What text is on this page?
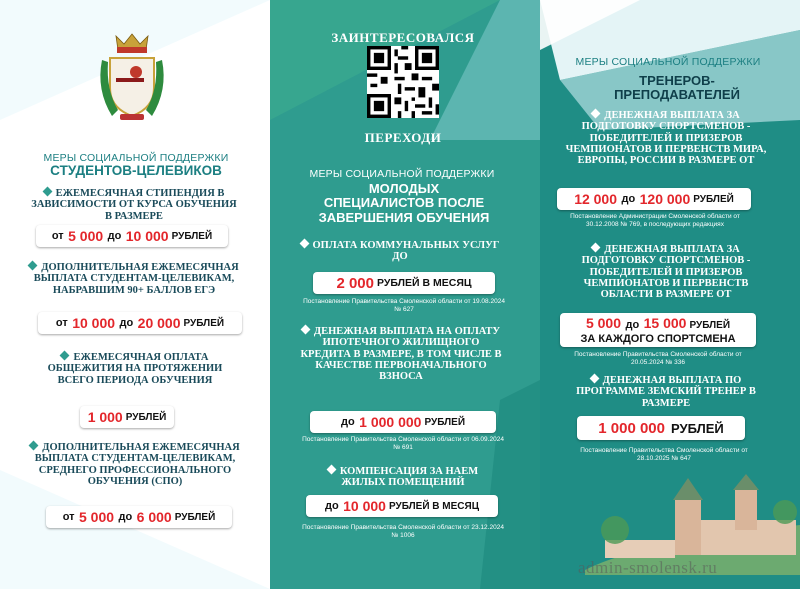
МЕРЫ СОЦИАЛЬНОЙ ПОДДЕРЖКИ
СТУДЕНТОВ-ЦЕЛЕВИКОВ
ЕЖЕМЕСЯЧНАЯ СТИПЕНДИЯ В ЗАВИСИМОСТИ ОТ КУРСА ОБУЧЕНИЯ В РАЗМЕРЕ
от
5 000
до
10 000 РУБЛЕЙ
ДОПОЛНИТЕЛЬНАЯ ЕЖЕМЕСЯЧНАЯ ВЫПЛАТА СТУДЕНТАМ-ЦЕЛЕВИКАМ, НАБРАВШИМ 90+ БАЛЛОВ ЕГЭ
от
10 000
до
20 000 РУБЛЕЙ
ЕЖЕМЕСЯЧНАЯ ОПЛАТА ОБЩЕЖИТИЯ НА ПРОТЯЖЕНИИ ВСЕГО ПЕРИОДА ОБУЧЕНИЯ
1 000 РУБЛЕЙ
ДОПОЛНИТЕЛЬНАЯ ЕЖЕМЕСЯЧНАЯ ВЫПЛАТА СТУДЕНТАМ-ЦЕЛЕВИКАМ, СРЕДНЕГО ПРОФЕССИОНАЛЬНОГО ОБУЧЕНИЯ (СПО)
от
5 000
до
6 000 РУБЛЕЙ
ЗАИНТЕРЕСОВАЛСЯ
ПЕРЕХОДИ
МЕРЫ СОЦИАЛЬНОЙ ПОДДЕРЖКИ
МОЛОДЫХ СПЕЦИАЛИСТОВ ПОСЛЕ ЗАВЕРШЕНИЯ ОБУЧЕНИЯ
ОПЛАТА КОММУНАЛЬНЫХ УСЛУГ ДО
2 000 РУБЛЕЙ В МЕСЯЦ
Постановление Правительства Смоленской области от 19.08.2024 № 627
ДЕНЕЖНАЯ ВЫПЛАТА НА ОПЛАТУ ИПОТЕЧНОГО ЖИЛИЩНОГО КРЕДИТА В РАЗМЕРЕ, В ТОМ ЧИСЛЕ В КАЧЕСТВЕ ПЕРВОНАЧАЛЬНОГО ВЗНОСА
до
1 000 000 РУБЛЕЙ
Постановление Правительства Смоленской области от 06.09.2024 № 691
КОМПЕНСАЦИЯ ЗА НАЕМ ЖИЛЫХ ПОМЕЩЕНИЙ
до
10 000 РУБЛЕЙ В МЕСЯЦ
Постановление Правительства Смоленской области от 23.12.2024 № 1006
МЕРЫ СОЦИАЛЬНОЙ ПОДДЕРЖКИ
ТРЕНЕРОВ-ПРЕПОДАВАТЕЛЕЙ
ДЕНЕЖНАЯ ВЫПЛАТА ЗА ПОДГОТОВКУ СПОРТСМЕНОВ - ПОБЕДИТЕЛЕЙ И ПРИЗЕРОВ ЧЕМПИОНАТОВ И ПЕРВЕНСТВ МИРА, ЕВРОПЫ, РОССИИ В РАЗМЕРЕ ОТ
12 000
до
120 000 РУБЛЕЙ
Постановление Администрации Смоленской области от 30.12.2008 № 769, в последующих редакциях
ДЕНЕЖНАЯ ВЫПЛАТА ЗА ПОДГОТОВКУ СПОРТСМЕНОВ - ПОБЕДИТЕЛЕЙ И ПРИЗЕРОВ ЧЕМПИОНАТОВ И ПЕРВЕНСТВ ОБЛАСТИ В РАЗМЕРЕ ОТ
5 000 до 15 000 РУБЛЕЙ
ЗА КАЖДОГО СПОРТСМЕНА
Постановление Правительства Смоленской области от 20.05.2024 № 336
ДЕНЕЖНАЯ ВЫПЛАТА ПО ПРОГРАММЕ ЗЕМСКИЙ ТРЕНЕР В РАЗМЕРЕ
1 000 000 РУБЛЕЙ
Постановление Правительства Смоленской области от 28.10.2025 № 647
admin-smolensk.ru
